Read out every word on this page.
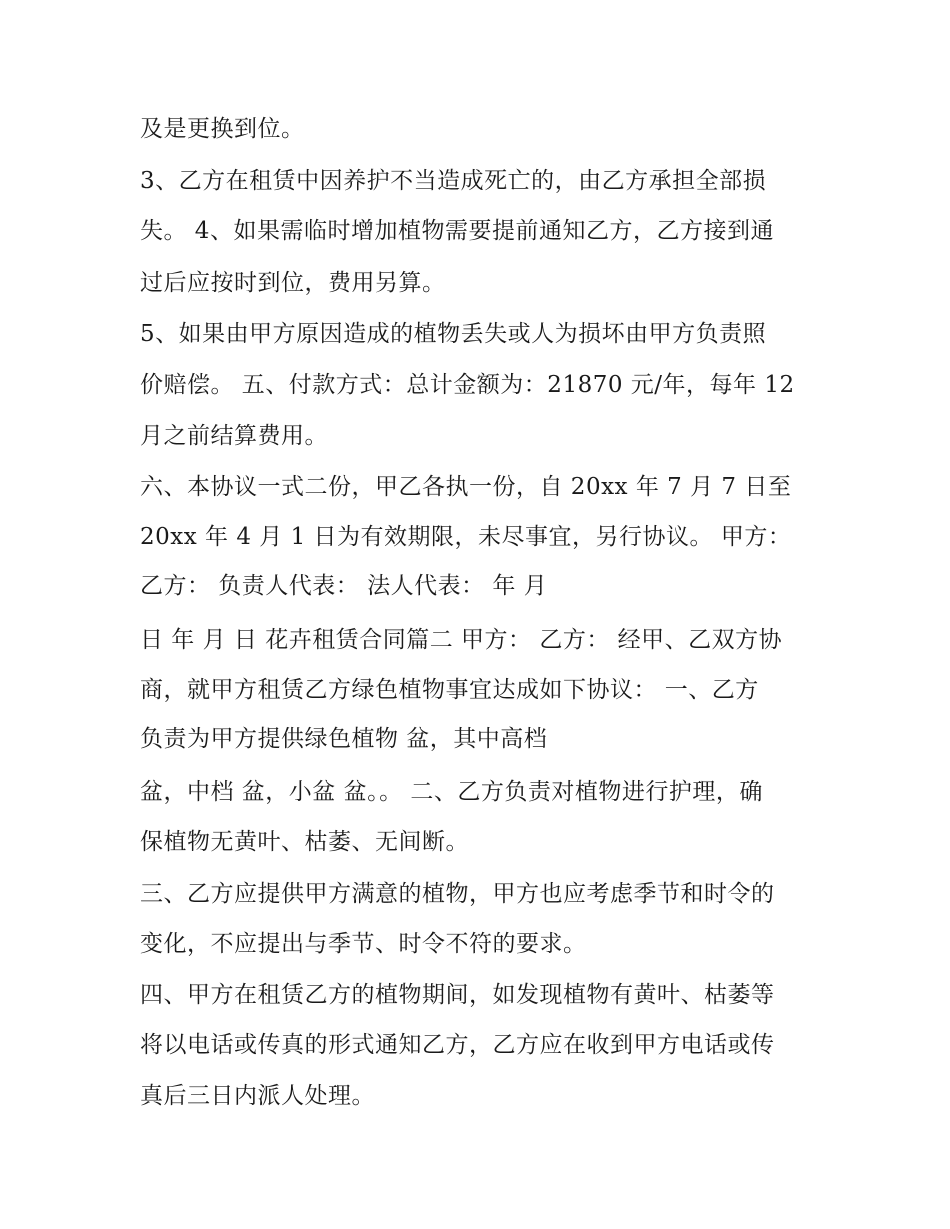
及是更换到位。
3、乙方在租赁中因养护不当造成死亡的，由乙方承担全部损
失。 4、如果需临时增加植物需要提前通知乙方，乙方接到通
过后应按时到位，费用另算。
5、如果由甲方原因造成的植物丢失或人为损坏由甲方负责照
价赔偿。 五、付款方式：总计金额为：21870 元/年，每年 12
月之前结算费用。
六、本协议一式二份，甲乙各执一份，自 20xx 年 7 月 7 日至
20xx 年 4 月 1 日为有效期限，未尽事宜，另行协议。 甲方：
乙方： 负责人代表： 法人代表： 年 月
日 年 月 日 花卉租赁合同篇二 甲方： 乙方： 经甲、乙双方协
商，就甲方租赁乙方绿色植物事宜达成如下协议： 一、乙方
负责为甲方提供绿色植物 盆，其中高档
盆，中档 盆，小盆 盆。。 二、乙方负责对植物进行护理，确
保植物无黄叶、枯萎、无间断。
三、乙方应提供甲方满意的植物，甲方也应考虑季节和时令的
变化，不应提出与季节、时令不符的要求。
四、甲方在租赁乙方的植物期间，如发现植物有黄叶、枯萎等
将以电话或传真的形式通知乙方，乙方应在收到甲方电话或传
真后三日内派人处理。
